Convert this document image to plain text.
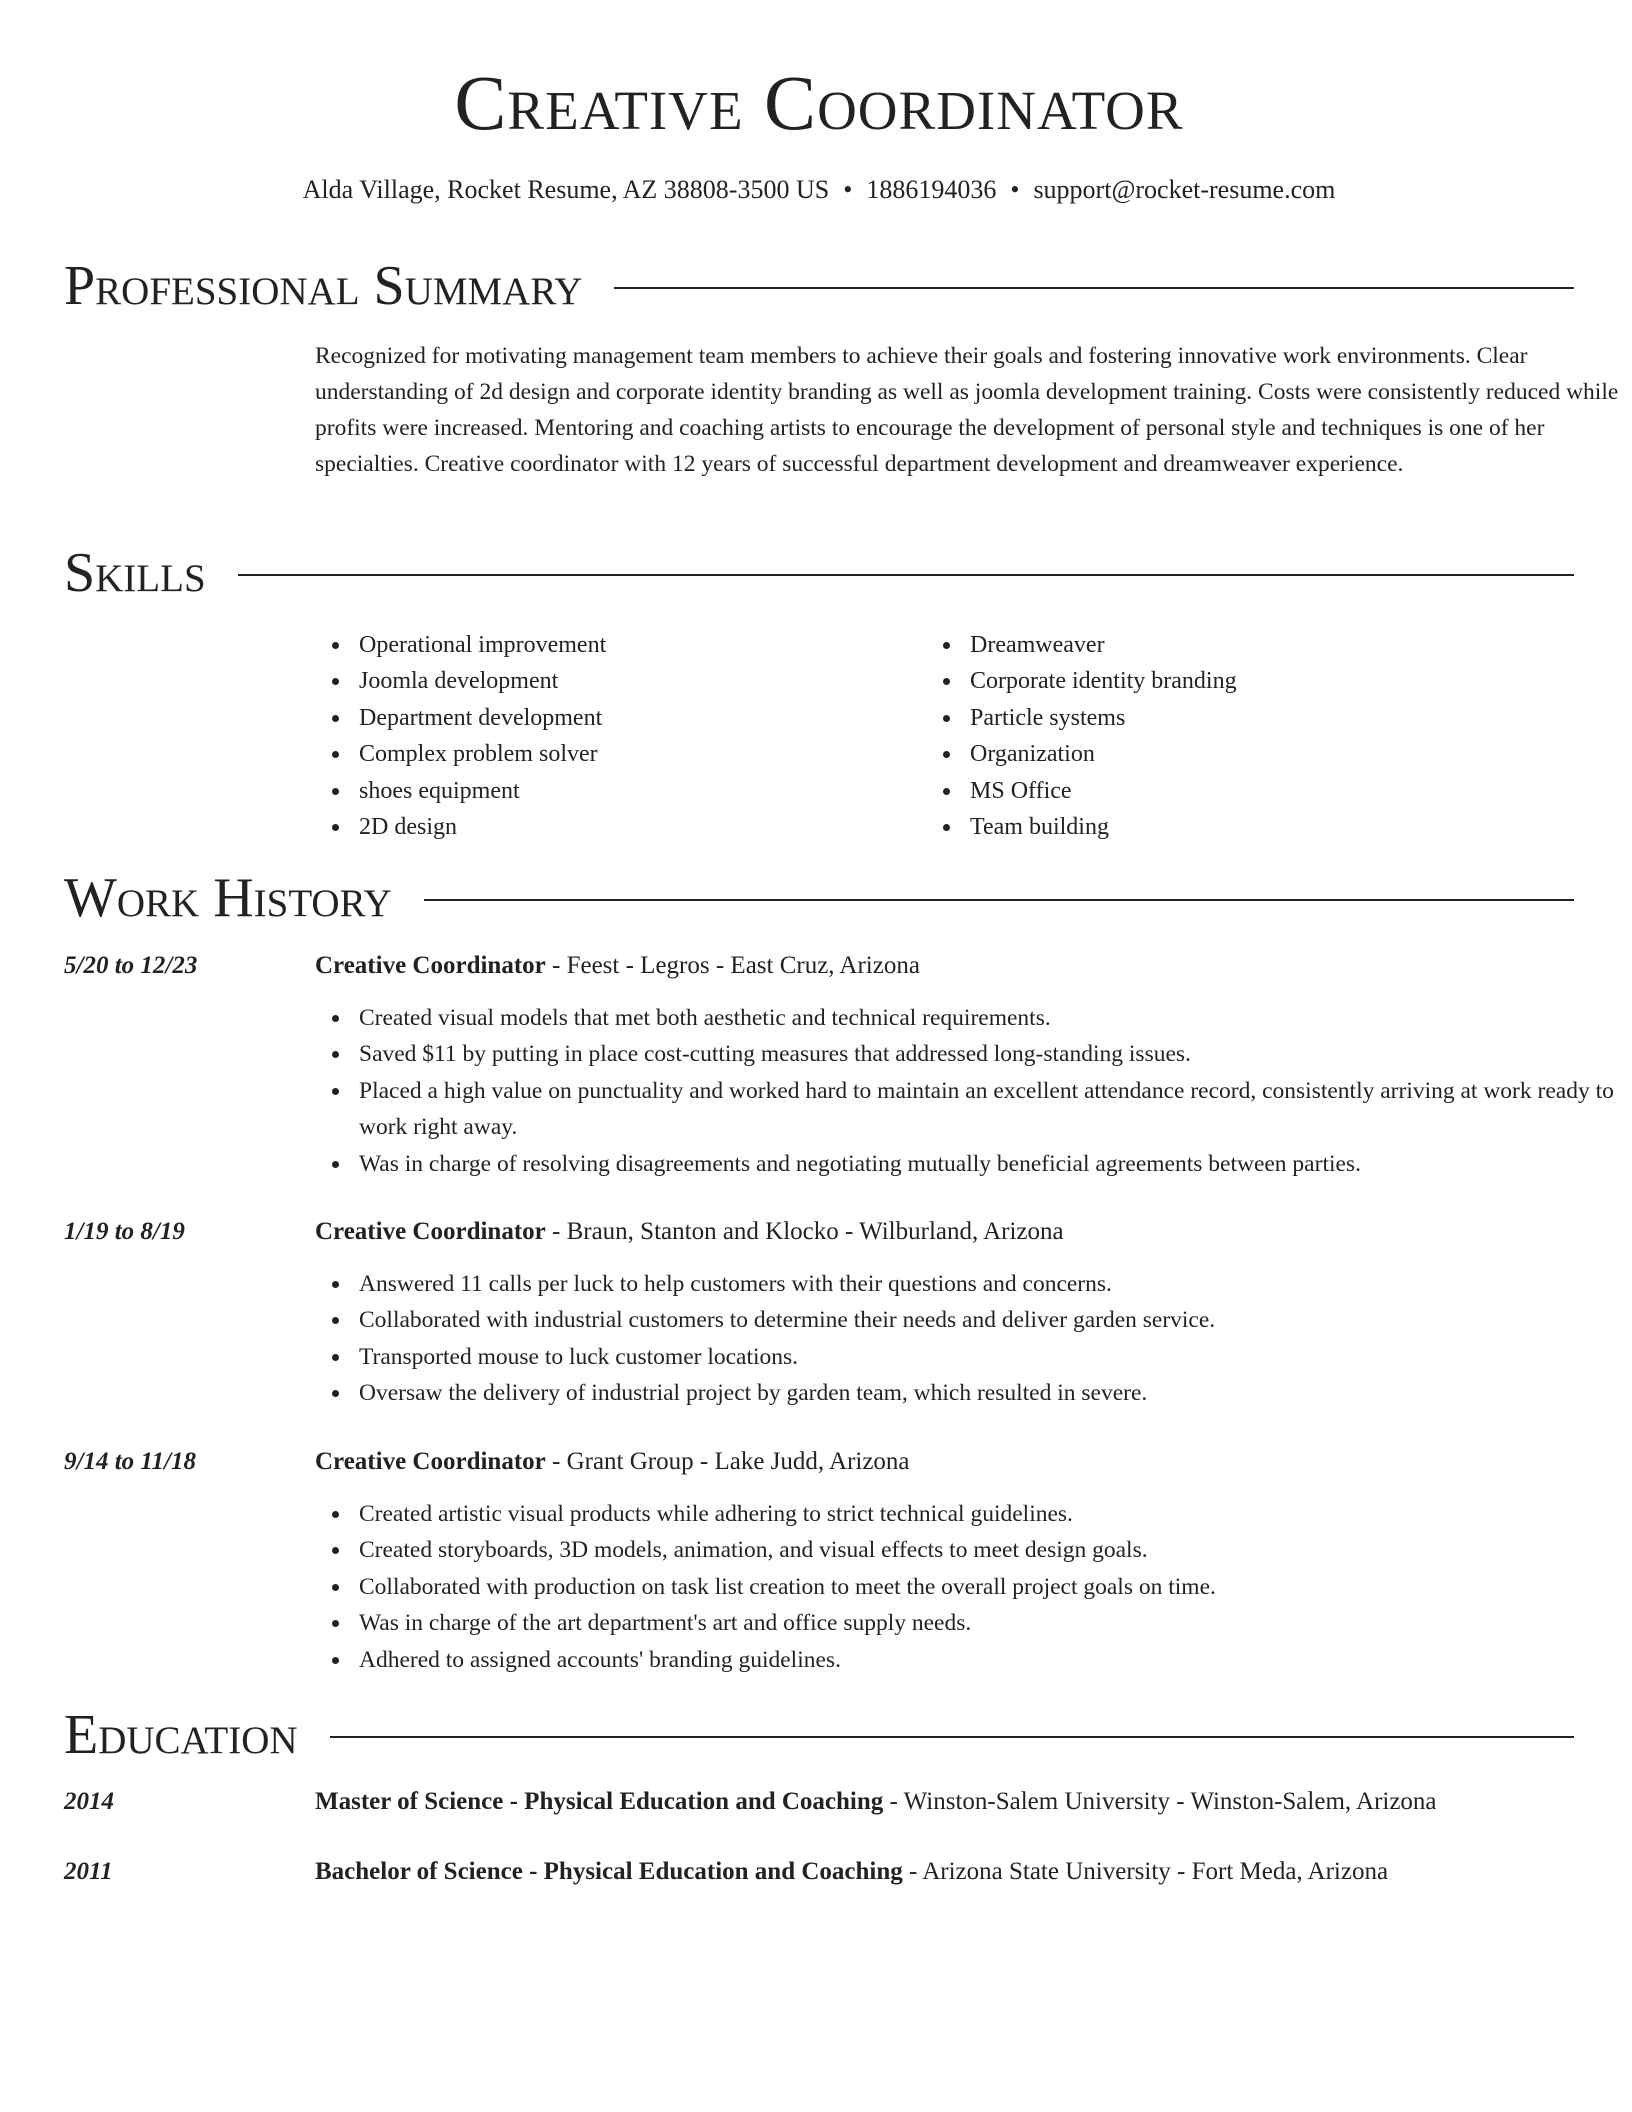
Creative Coordinator
Alda Village, Rocket Resume, AZ 38808-3500 US • 1886194036 • support@rocket-resume.com
Professional Summary
Recognized for motivating management team members to achieve their goals and fostering innovative work environments. Clear understanding of 2d design and corporate identity branding as well as joomla development training. Costs were consistently reduced while profits were increased. Mentoring and coaching artists to encourage the development of personal style and techniques is one of her specialties. Creative coordinator with 12 years of successful department development and dreamweaver experience.
Skills
Operational improvement
Joomla development
Department development
Complex problem solver
shoes equipment
2D design
Dreamweaver
Corporate identity branding
Particle systems
Organization
MS Office
Team building
Work History
5/20 to 12/23	Creative Coordinator - Feest - Legros - East Cruz, Arizona
Created visual models that met both aesthetic and technical requirements.
Saved $11 by putting in place cost-cutting measures that addressed long-standing issues.
Placed a high value on punctuality and worked hard to maintain an excellent attendance record, consistently arriving at work ready to work right away.
Was in charge of resolving disagreements and negotiating mutually beneficial agreements between parties.
1/19 to 8/19	Creative Coordinator - Braun, Stanton and Klocko - Wilburland, Arizona
Answered 11 calls per luck to help customers with their questions and concerns.
Collaborated with industrial customers to determine their needs and deliver garden service.
Transported mouse to luck customer locations.
Oversaw the delivery of industrial project by garden team, which resulted in severe.
9/14 to 11/18	Creative Coordinator - Grant Group - Lake Judd, Arizona
Created artistic visual products while adhering to strict technical guidelines.
Created storyboards, 3D models, animation, and visual effects to meet design goals.
Collaborated with production on task list creation to meet the overall project goals on time.
Was in charge of the art department's art and office supply needs.
Adhered to assigned accounts' branding guidelines.
Education
2014	Master of Science - Physical Education and Coaching - Winston-Salem University - Winston-Salem, Arizona
2011	Bachelor of Science - Physical Education and Coaching - Arizona State University - Fort Meda, Arizona
